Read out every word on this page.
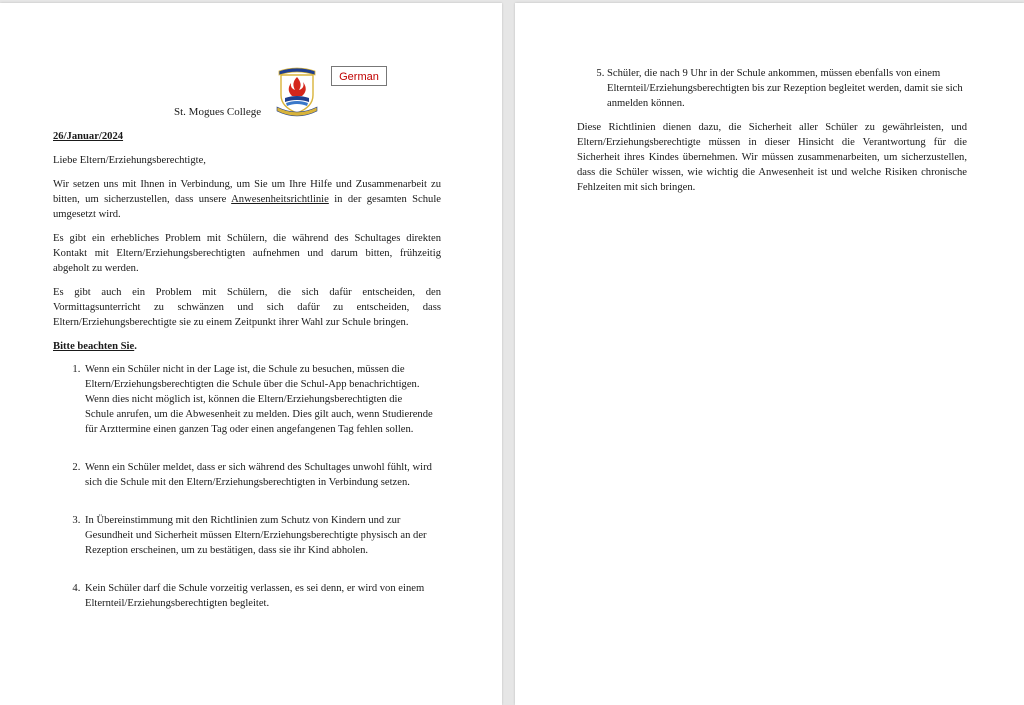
German
St. Mogues College
26/Januar/2024

Liebe Eltern/Erziehungsberechtigte,

Wir setzen uns mit Ihnen in Verbindung, um Sie um Ihre Hilfe und Zusammenarbeit zu bitten, um sicherzustellen, dass unsere Anwesenheitsrichtlinie in der gesamten Schule umgesetzt wird.

Es gibt ein erhebliches Problem mit Schülern, die während des Schultages direkten Kontakt mit Eltern/Erziehungsberechtigten aufnehmen und darum bitten, frühzeitig abgeholt zu werden.

Es gibt auch ein Problem mit Schülern, die sich dafür entscheiden, den Vormittagsunterricht zu schwänzen und sich dafür zu entscheiden, dass Eltern/Erziehungsberechtigte sie zu einem Zeitpunkt ihrer Wahl zur Schule bringen.

Bitte beachten Sie.
1. Wenn ein Schüler nicht in der Lage ist, die Schule zu besuchen, müssen die Eltern/Erziehungsberechtigten die Schule über die Schul-App benachrichtigen. Wenn dies nicht möglich ist, können die Eltern/Erziehungsberechtigten die Schule anrufen, um die Abwesenheit zu melden. Dies gilt auch, wenn Studierende für Arzttermine einen ganzen Tag oder einen angefangenen Tag fehlen sollen.
2. Wenn ein Schüler meldet, dass er sich während des Schultages unwohl fühlt, wird sich die Schule mit den Eltern/Erziehungsberechtigten in Verbindung setzen.
3. In Übereinstimmung mit den Richtlinien zum Schutz von Kindern und zur Gesundheit und Sicherheit müssen Eltern/Erziehungsberechtigte physisch an der Rezeption erscheinen, um zu bestätigen, dass sie ihr Kind abholen.
4. Kein Schüler darf die Schule vorzeitig verlassen, es sei denn, er wird von einem Elternteil/Erziehungsberechtigten begleitet.
5. Schüler, die nach 9 Uhr in der Schule ankommen, müssen ebenfalls von einem Elternteil/Erziehungsberechtigten bis zur Rezeption begleitet werden, damit sie sich anmelden können.

Diese Richtlinien dienen dazu, die Sicherheit aller Schüler zu gewährleisten, und Eltern/Erziehungsberechtigte müssen in dieser Hinsicht die Verantwortung für die Sicherheit ihres Kindes übernehmen. Wir müssen zusammenarbeiten, um sicherzustellen, dass die Schüler wissen, wie wichtig die Anwesenheit ist und welche Risiken chronische Fehlzeiten mit sich bringen.
